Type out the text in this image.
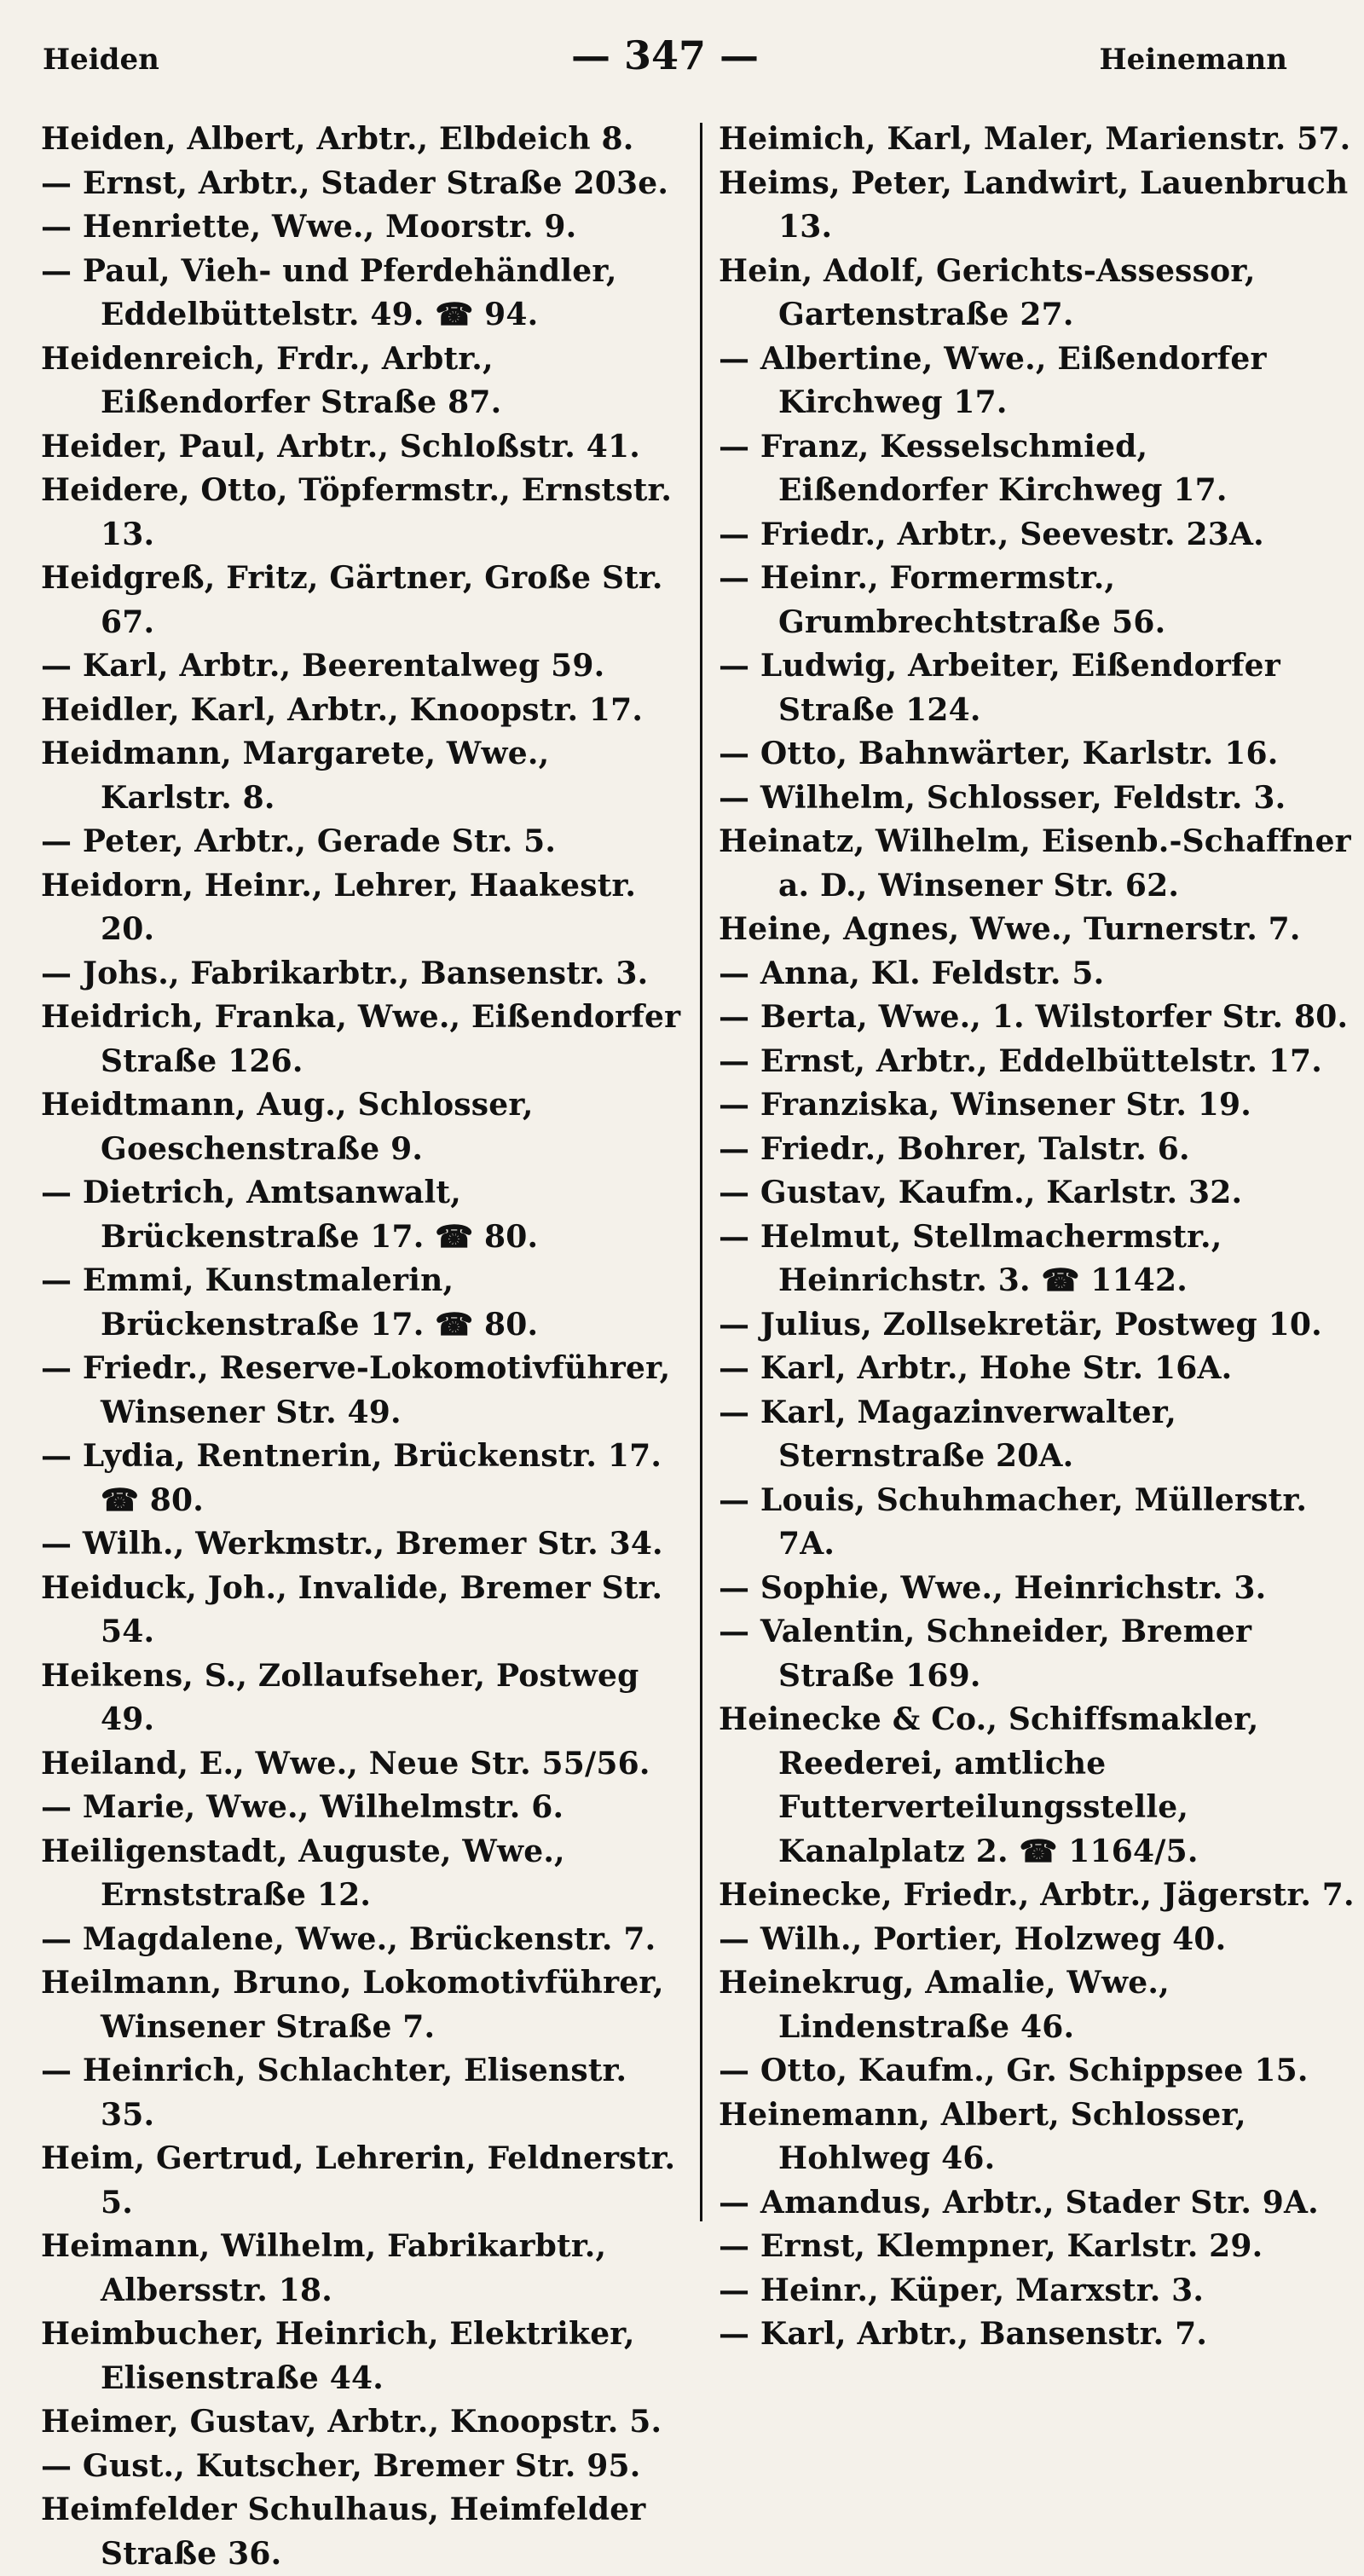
Heiden	— 347 —	Heinemann
Heiden, Albert, Arbtr., Elbdeich 8.
— Ernst, Arbtr., Stader Straße 203e.
— Henriette, Wwe., Moorstr. 9.
— Paul, Vieh- und Pferdehändler, Eddelbüttelstr. 49. ☎ 94.
Heidenreich, Frdr., Arbtr., Eißendorfer Straße 87.
Heider, Paul, Arbtr., Schloßstr. 41.
Heidere, Otto, Töpfermstr., Ernststr. 13.
Heidgreß, Fritz, Gärtner, Große Str. 67.
— Karl, Arbtr., Beerentalweg 59.
Heidler, Karl, Arbtr., Knoopstr. 17.
Heidmann, Margarete, Wwe., Karlstr. 8.
— Peter, Arbtr., Gerade Str. 5.
Heidorn, Heinr., Lehrer, Haakestr. 20.
— Johs., Fabrikarbtr., Bansenstr. 3.
Heidrich, Franka, Wwe., Eißendorfer Straße 126.
Heidtmann, Aug., Schlosser, Goeschenstraße 9.
— Dietrich, Amtsanwalt, Brückenstraße 17. ☎ 80.
— Emmi, Kunstmalerin, Brückenstraße 17. ☎ 80.
— Friedr., Reserve-Lokomotivführer, Winsener Str. 49.
— Lydia, Rentnerin, Brückenstr. 17. ☎ 80.
— Wilh., Werkmstr., Bremer Str. 34.
Heiduck, Joh., Invalide, Bremer Str. 54.
Heikens, S., Zollaufseher, Postweg 49.
Heiland, E., Wwe., Neue Str. 55/56.
— Marie, Wwe., Wilhelmstr. 6.
Heiligenstadt, Auguste, Wwe., Ernststraße 12.
— Magdalene, Wwe., Brückenstr. 7.
Heilmann, Bruno, Lokomotivführer, Winsener Straße 7.
— Heinrich, Schlachter, Elisenstr. 35.
Heim, Gertrud, Lehrerin, Feldnerstr. 5.
Heimann, Wilhelm, Fabrikarbtr., Albersstr. 18.
Heimbucher, Heinrich, Elektriker, Elisenstraße 44.
Heimer, Gustav, Arbtr., Knoopstr. 5.
— Gust., Kutscher, Bremer Str. 95.
Heimfelder Schulhaus, Heimfelder Straße 36.
Heimich, Karl, Maler, Marienstr. 57.
Heims, Peter, Landwirt, Lauenbruch 13.
Hein, Adolf, Gerichts-Assessor, Gartenstraße 27.
— Albertine, Wwe., Eißendorfer Kirchweg 17.
— Franz, Kesselschmied, Eißendorfer Kirchweg 17.
— Friedr., Arbtr., Seevestr. 23A.
— Heinr., Formermstr., Grumbrechtstraße 56.
— Ludwig, Arbeiter, Eißendorfer Straße 124.
— Otto, Bahnwärter, Karlstr. 16.
— Wilhelm, Schlosser, Feldstr. 3.
Heinatz, Wilhelm, Eisenb.-Schaffner a. D., Winsener Str. 62.
Heine, Agnes, Wwe., Turnerstr. 7.
— Anna, Kl. Feldstr. 5.
— Berta, Wwe., 1. Wilstorfer Str. 80.
— Ernst, Arbtr., Eddelbüttelstr. 17.
— Franziska, Winsener Str. 19.
— Friedr., Bohrer, Talstr. 6.
— Gustav, Kaufm., Karlstr. 32.
— Helmut, Stellmachermstr., Heinrichstr. 3. ☎ 1142.
— Julius, Zollsekretär, Postweg 10.
— Karl, Arbtr., Hohe Str. 16A.
— Karl, Magazinverwalter, Sternstraße 20A.
— Louis, Schuhmacher, Müllerstr. 7A.
— Sophie, Wwe., Heinrichstr. 3.
— Valentin, Schneider, Bremer Straße 169.
Heinecke & Co., Schiffsmakler, Reederei, amtliche Futterverteilungsstelle, Kanalplatz 2. ☎ 1164/5.
Heinecke, Friedr., Arbtr., Jägerstr. 7.
— Wilh., Portier, Holzweg 40.
Heinekrug, Amalie, Wwe., Lindenstraße 46.
— Otto, Kaufm., Gr. Schippsee 15.
Heinemann, Albert, Schlosser, Hohlweg 46.
— Amandus, Arbtr., Stader Str. 9A.
— Ernst, Klempner, Karlstr. 29.
— Heinr., Küper, Marxstr. 3.
— Karl, Arbtr., Bansenstr. 7.
